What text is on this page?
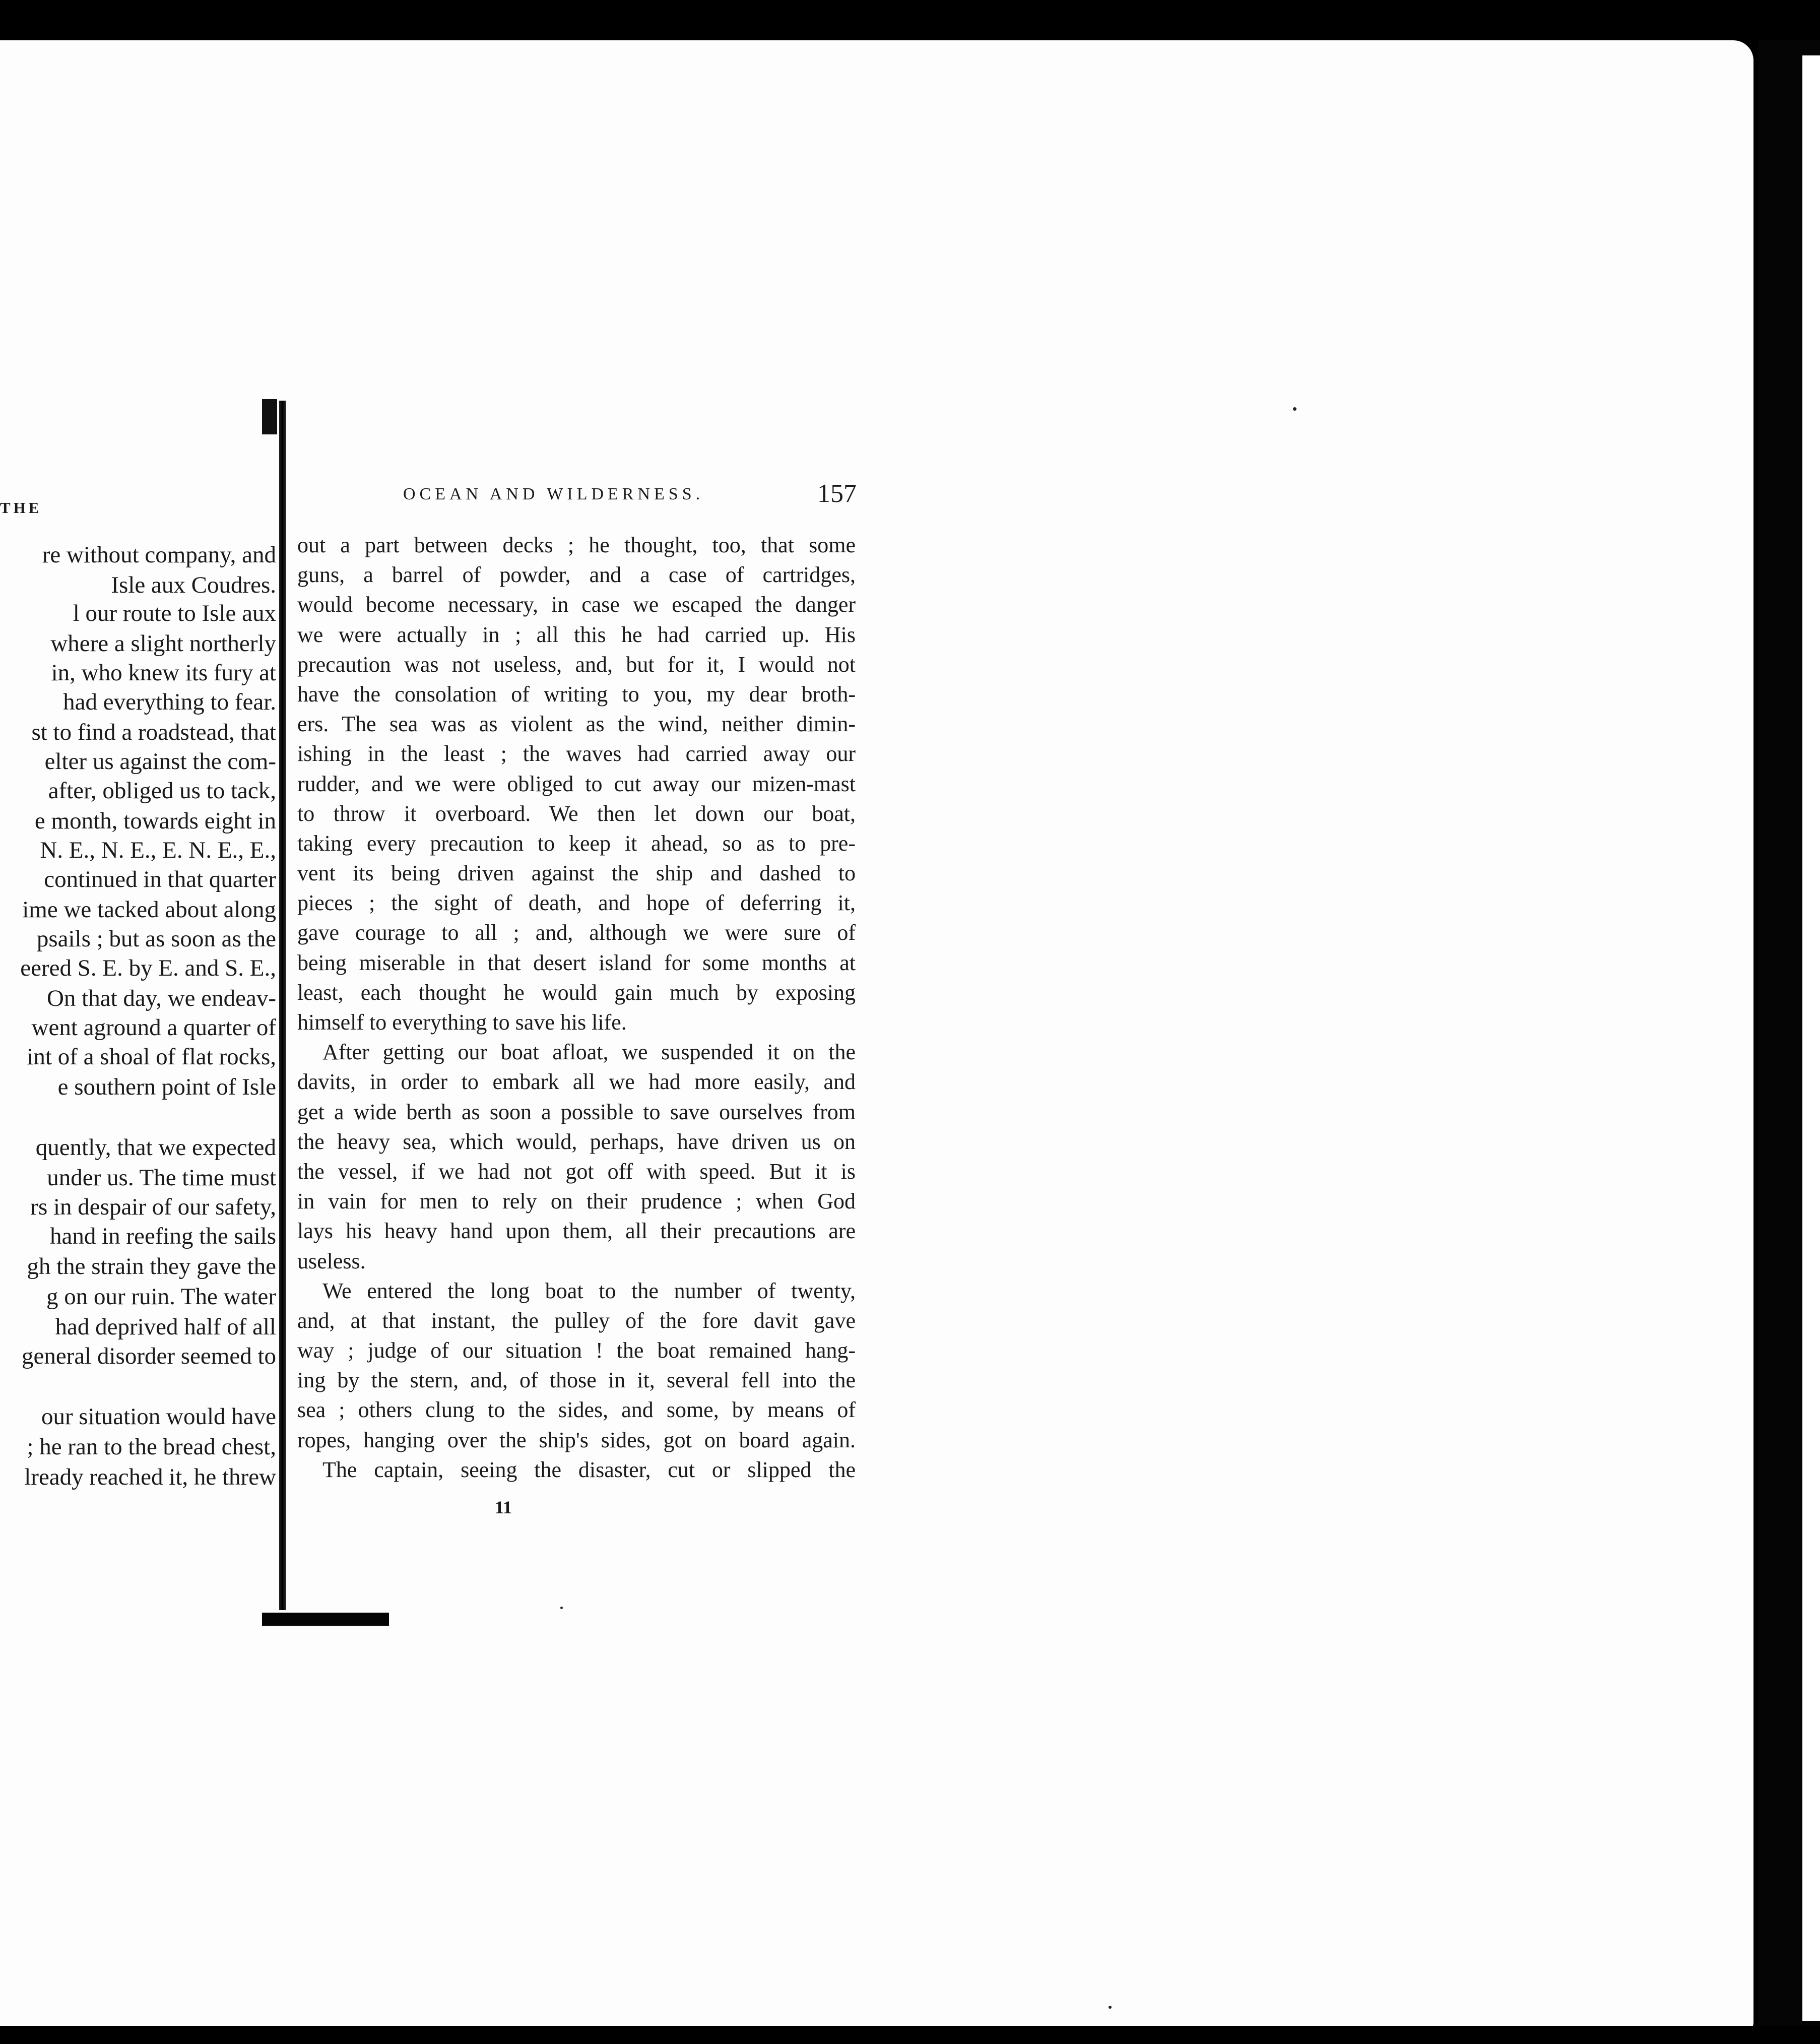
THE
re without company, and
Isle aux Coudres.
l our route to Isle aux
where a slight northerly
in, who knew its fury at
had everything to fear.
st to find a roadstead, that
elter us against the com-
after, obliged us to tack,
e month, towards eight in
N. E., N. E., E. N. E., E.,
continued in that quarter
ime we tacked about along
psails ; but as soon as the
eered S. E. by E. and S. E.,
On that day, we endeav-
went aground a quarter of
int of a shoal of flat rocks,
e southern point of Isle
quently, that we expected
under us. The time must
rs in despair of our safety,
hand in reefing the sails
gh the strain they gave the
g on our ruin. The water
had deprived half of all
general disorder seemed to
our situation would have
; he ran to the bread chest,
lready reached it, he threw
OCEAN AND WILDERNESS.	157
out a part between decks ; he thought, too, that some
guns, a barrel of powder, and a case of cartridges,
would become necessary, in case we escaped the danger
we were actually in ; all this he had carried up. His
precaution was not useless, and, but for it, I would not
have the consolation of writing to you, my dear broth-
ers. The sea was as violent as the wind, neither dimin-
ishing in the least ; the waves had carried away our
rudder, and we were obliged to cut away our mizen-mast
to throw it overboard. We then let down our boat,
taking every precaution to keep it ahead, so as to pre-
vent its being driven against the ship and dashed to
pieces ; the sight of death, and hope of deferring it,
gave courage to all ; and, although we were sure of
being miserable in that desert island for some months at
least, each thought he would gain much by exposing
himself to everything to save his life.
After getting our boat afloat, we suspended it on the
davits, in order to embark all we had more easily, and
get a wide berth as soon a possible to save ourselves from
the heavy sea, which would, perhaps, have driven us on
the vessel, if we had not got off with speed. But it is
in vain for men to rely on their prudence ; when God
lays his heavy hand upon them, all their precautions are
useless.
We entered the long boat to the number of twenty,
and, at that instant, the pulley of the fore davit gave
way ; judge of our situation ! the boat remained hang-
ing by the stern, and, of those in it, several fell into the
sea ; others clung to the sides, and some, by means of
ropes, hanging over the ship's sides, got on board again.
The captain, seeing the disaster, cut or slipped the
11
